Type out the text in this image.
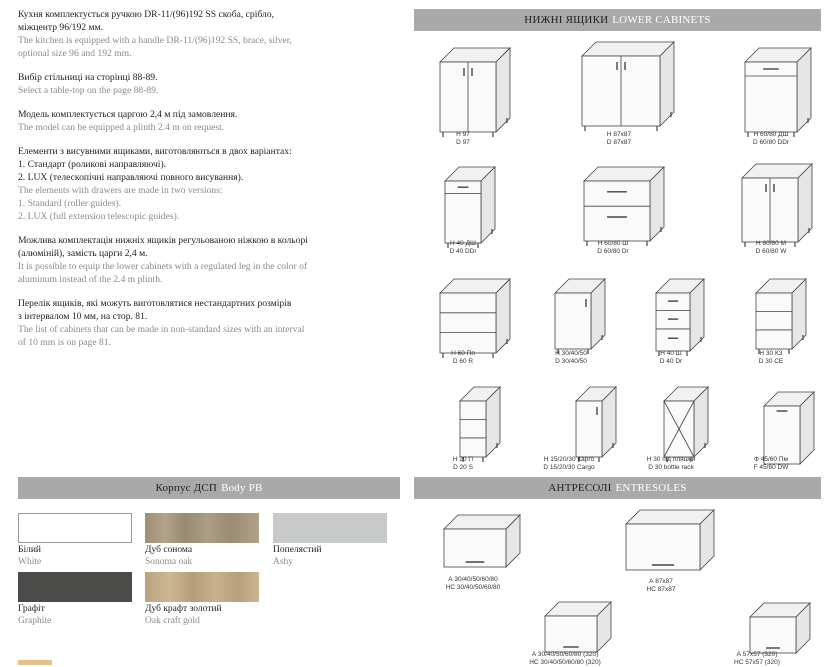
Кухня комплектується ручкою DR-11/(96)192 SS скоба, срібло,
міжцентр 96/192 мм.
The kitchen is equipped with a handle DR-11/(96)192 SS, brace, silver,
optional size 96 and 192 mm.
Вибір стільниці на сторінці 88-89.
Select a table-top on the page 88-89.
Модель комплектується царгою 2,4 м під замовлення.
The model can be equipped a plinth 2.4 m on request.
Елементи з висувними ящиками, виготовляються в двох варіантах:
1. Стандарт (роликові направляючі).
2. LUX (телескопічні направляючі повного висування).
The elements with drawers are made in two versions:
1. Standard (roller guides).
2. LUX (full extension telescopic guides).
Можлива комплектація нижніх ящиків регульованою ніжкою в кольорі
(алюміній), замість царги 2,4 м.
It is possible to equip the lower cabinets with a regulated leg in the color of
aluminum instead of the 2.4 m plinth.
Перелік ящиків, які можуть виготовлятися нестандартних розмірів
з інтервалом 10 мм, на стор. 81.
The list of cabinets that can be made in non-standard sizes with an interval
of 10 mm is on page 81.
НИЖНІ ЯЩИКИ LOWER CABINETS
Корпус ДСП Body PB	АНТРЕСОЛІ ENTRESOLES
Білий
White
Дуб сонома
Sonoma oak
Попелястий
Ashy
Графіт
Graphite
Дуб крафт золотий
Oak craft gold
Н 97
D 97
Н 87х87
D 87x87
Н 60/80 ДШ
D 60/80 DDr
Н 40 ДШ
D 40 DDr
Н 60/80 Ш
D 60/80 Dr
Н 60/80 М
D 60/80 W
Н 60 Пп
D 60 R
Н 30/40/50
D 30/40/50
Н 40 Ш
D 40 Dr
Н 30 КЗ
D 30 CE
Н 20 П
D 20 S
Н 15/20/30 Карго
D 15/20/30 Cargo
Н 30 під пляшки
D 30 bottle rack
Ф 45/60 Пм
F 45/60 DW
А 30/40/50/60/80
НС 30/40/50/60/80
А 87х87
НС 87х87
А 30/40/50/60/80 (320)
НС 30/40/50/60/80 (320)
А 57х57 (320)
НС 57х57 (320)
